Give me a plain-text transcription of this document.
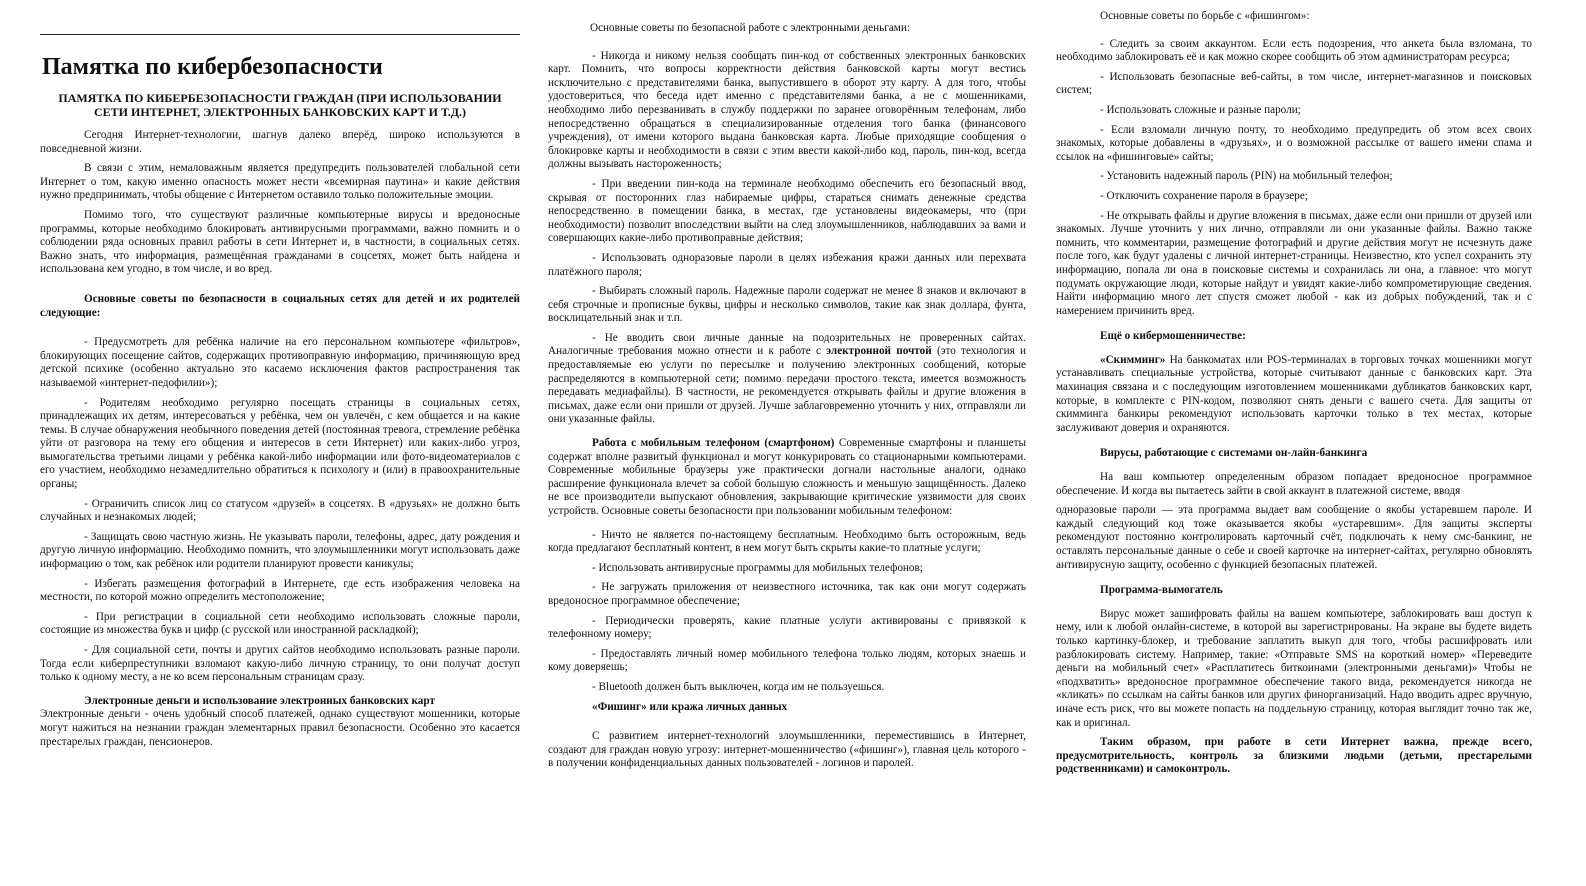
Памятка по кибербезопасности
ПАМЯТКА ПО КИБЕРБЕЗОПАСНОСТИ ГРАЖДАН (ПРИ ИСПОЛЬЗОВАНИИ СЕТИ ИНТЕРНЕТ, ЭЛЕКТРОННЫХ БАНКОВСКИХ КАРТ И Т.Д.)

Сегодня Интернет-технологии, шагнув далеко вперёд, широко используются в повседневной жизни.

В связи с этим, немаловажным является предупредить пользователей глобальной сети Интернет о том, какую именно опасность может нести «всемирная паутина» и какие действия нужно предпринимать, чтобы общение с Интернетом оставило только положительные эмоции.

Помимо того, что существуют различные компьютерные вирусы и вредоносные программы, которые необходимо блокировать антивирусными программами, важно помнить и о соблюдении ряда основных правил работы в сети Интернет и, в частности, в социальных сетях. Важно знать, что информация, размещённая гражданами в соцсетях, может быть найдена и использована кем угодно, в том числе, и во вред.

Основные советы по безопасности в социальных сетях для детей и их родителей следующие:

- Предусмотреть для ребёнка наличие на его персональном компьютере «фильтров», блокирующих посещение сайтов, содержащих противоправную информацию, причиняющую вред детской психике (особенно актуально это касаемо исключения фактов распространения так называемой «интернет-педофилии»);

- Родителям необходимо регулярно посещать страницы в социальных сетях, принадлежащих их детям, интересоваться у ребёнка, чем он увлечён, с кем общается и на какие темы. В случае обнаружения необычного поведения детей (постоянная тревога, стремление ребёнка уйти от разговора на тему его общения и интересов в сети Интернет) или каких-либо угроз, вымогательства третьими лицами у ребёнка какой-либо информации или фото-видеоматериалов с его участием, необходимо незамедлительно обратиться к психологу и (или) в правоохранительные органы;

- Ограничить список лиц со статусом «друзей» в соцсетях. В «друзьях» не должно быть случайных и незнакомых людей;

- Защищать свою частную жизнь. Не указывать пароли, телефоны, адрес, дату рождения и другую личную информацию. Необходимо помнить, что злоумышленники могут использовать даже информацию о том, как ребёнок или родители планируют провести каникулы;

- Избегать размещения фотографий в Интернете, где есть изображения человека на местности, по которой можно определить местоположение;

- При регистрации в социальной сети необходимо использовать сложные пароли, состоящие из множества букв и цифр (с русской или иностранной раскладкой);

- Для социальной сети, почты и других сайтов необходимо использовать разные пароли. Тогда если киберпреступники взломают какую-либо личную страницу, то они получат доступ только к одному месту, а не ко всем персональным страницам сразу.

Электронные деньги и использование электронных банковских карт

Электронные деньги - очень удобный способ платежей, однако существуют мошенники, которые могут нажиться на незнании граждан элементарных правил безопасности. Особенно это касается престарелых граждан, пенсионеров.

Основные советы по безопасной работе с электронными деньгами:

- Никогда и никому нельзя сообщать пин-код от собственных электронных банковских карт. Помнить, что вопросы корректности действия банковской карты могут вестись исключительно с представителями банка, выпустившего в оборот эту карту. А для того, чтобы удостовериться, что беседа идет именно с представителями банка, а не с мошенниками, необходимо либо перезванивать в службу поддержки по заранее оговорённым телефонам, либо непосредственно обращаться в специализированные отделения того банка (финансового учреждения), от имени которого выдана банковская карта. Любые приходящие сообщения о блокировке карты и необходимости в связи с этим ввести какой-либо код, пароль, пин-код, всегда должны вызывать настороженность;

- При введении пин-кода на терминале необходимо обеспечить его безопасный ввод, скрывая от посторонних глаз набираемые цифры, стараться снимать денежные средства непосредственно в помещении банка, в местах, где установлены видеокамеры, что (при необходимости) позволит впоследствии выйти на след злоумышленников, наблюдавших за вами и совершающих какие-либо противоправные действия;

- Использовать одноразовые пароли в целях избежания кражи данных или перехвата платёжного пароля;

- Выбирать сложный пароль. Надежные пароли содержат не менее 8 знаков и включают в себя строчные и прописные буквы, цифры и несколько символов, такие как знак доллара, фунта, восклицательный знак и т.п.

- Не вводить свои личные данные на подозрительных не проверенных сайтах. Аналогичные требования можно отнести и к работе с электронной почтой (это технология и предоставляемые ею услуги по пересылке и получению электронных сообщений, которые распределяются в компьютерной сети; помимо передачи простого текста, имеется возможность передавать медиафайлы). В частности, не рекомендуется открывать файлы и другие вложения в письмах, даже если они пришли от друзей. Лучше заблаговременно уточнить у них, отправляли ли они указанные файлы.

Работа с мобильным телефоном (смартфоном) Современные смартфоны и планшеты содержат вполне развитый функционал и могут конкурировать со стационарными компьютерами. Современные мобильные браузеры уже практически догнали настольные аналоги, однако расширение функционала влечет за собой большую сложность и меньшую защищённость. Далеко не все производители выпускают обновления, закрывающие критические уязвимости для своих устройств. Основные советы безопасности при пользовании мобильным телефоном:

- Ничто не является по-настоящему бесплатным. Необходимо быть осторожным, ведь когда предлагают бесплатный контент, в нем могут быть скрыты какие-то платные услуги;

- Использовать антивирусные программы для мобильных телефонов;

- Не загружать приложения от неизвестного источника, так как они могут содержать вредоносное программное обеспечение;

- Периодически проверять, какие платные услуги активированы с привязкой к телефонному номеру;

- Предоставлять личный номер мобильного телефона только людям, которых знаешь и кому доверяешь;

- Bluetooth должен быть выключен, когда им не пользуешься.

«Фишинг» или кража личных данных

С развитием интернет-технологий злоумышленники, переместившись в Интернет, создают для граждан новую угрозу: интернет-мошенничество («фишинг»), главная цель которого - в получении конфиденциальных данных пользователей - логинов и паролей.

Основные советы по борьбе с «фишингом»:

- Следить за своим аккаунтом. Если есть подозрения, что анкета была взломана, то необходимо заблокировать её и как можно скорее сообщить об этом администраторам ресурса;

- Использовать безопасные веб-сайты, в том числе, интернет-магазинов и поисковых систем;

- Использовать сложные и разные пароли;

- Если взломали личную почту, то необходимо предупредить об этом всех своих знакомых, которые добавлены в «друзьях», и о возможной рассылке от вашего имени спама и ссылок на «фишинговые» сайты;

- Установить надежный пароль (PIN) на мобильный телефон;

- Отключить сохранение пароля в браузере;

- Не открывать файлы и другие вложения в письмах, даже если они пришли от друзей или знакомых. Лучше уточнить у них лично, отправляли ли они указанные файлы. Важно также помнить, что комментарии, размещение фотографий и другие действия могут не исчезнуть даже после того, как будут удалены с личной интернет-страницы. Неизвестно, кто успел сохранить эту информацию, попала ли она в поисковые системы и сохранилась ли она, а главное: что могут подумать окружающие люди, которые найдут и увидят какие-либо компрометирующие сведения. Найти информацию много лет спустя сможет любой - как из добрых побуждений, так и с намерением причинить вред.

Ещё о кибермошенничестве:

«Скимминг» На банкоматах или POS-терминалах в торговых точках мошенники могут устанавливать специальные устройства, которые считывают данные с банковских карт. Эта махинация связана и с последующим изготовлением мошенниками дубликатов банковских карт, которые, в комплекте с PIN-кодом, позволяют снять деньги с вашего счета. Для защиты от скимминга банкиры рекомендуют использовать карточки только в тех местах, которые заслуживают доверия и охраняются.

Вирусы, работающие с системами он-лайн-банкинга

На ваш компьютер определенным образом попадает вредоносное программное обеспечение. И когда вы пытаетесь зайти в свой аккаунт в платежной системе, вводя

одноразовые пароли — эта программа выдает вам сообщение о якобы устаревшем пароле. И каждый следующий код тоже оказывается якобы «устаревшим». Для защиты эксперты рекомендуют постоянно контролировать карточный счёт, подключать к нему смс-банкинг, не оставлять персональные данные о себе и своей карточке на интернет-сайтах, регулярно обновлять антивирусную защиту, особенно с функцией безопасных платежей.

Программа-вымогатель

Вирус может зашифровать файлы на вашем компьютере, заблокировать ваш доступ к нему, или к любой онлайн-системе, в которой вы зарегистрированы. На экране вы будете видеть только картинку-блокер, и требование заплатить выкуп для того, чтобы расшифровать или разблокировать систему. Например, такие: «Отправьте SMS на короткий номер» «Переведите деньги на мобильный счет» «Расплатитесь биткоинами (электронными деньгами)» Чтобы не «подхватить» вредоносное программное обеспечение такого вида, рекомендуется никогда не «кликать» по ссылкам на сайты банков или других финорганизаций. Надо вводить адрес вручную, иначе есть риск, что вы можете попасть на поддельную страницу, которая выглядит точно так же, как и оригинал.

Таким образом, при работе в сети Интернет важна, прежде всего, предусмотрительность, контроль за близкими людьми (детьми, престарелыми родственниками) и самоконтроль.
